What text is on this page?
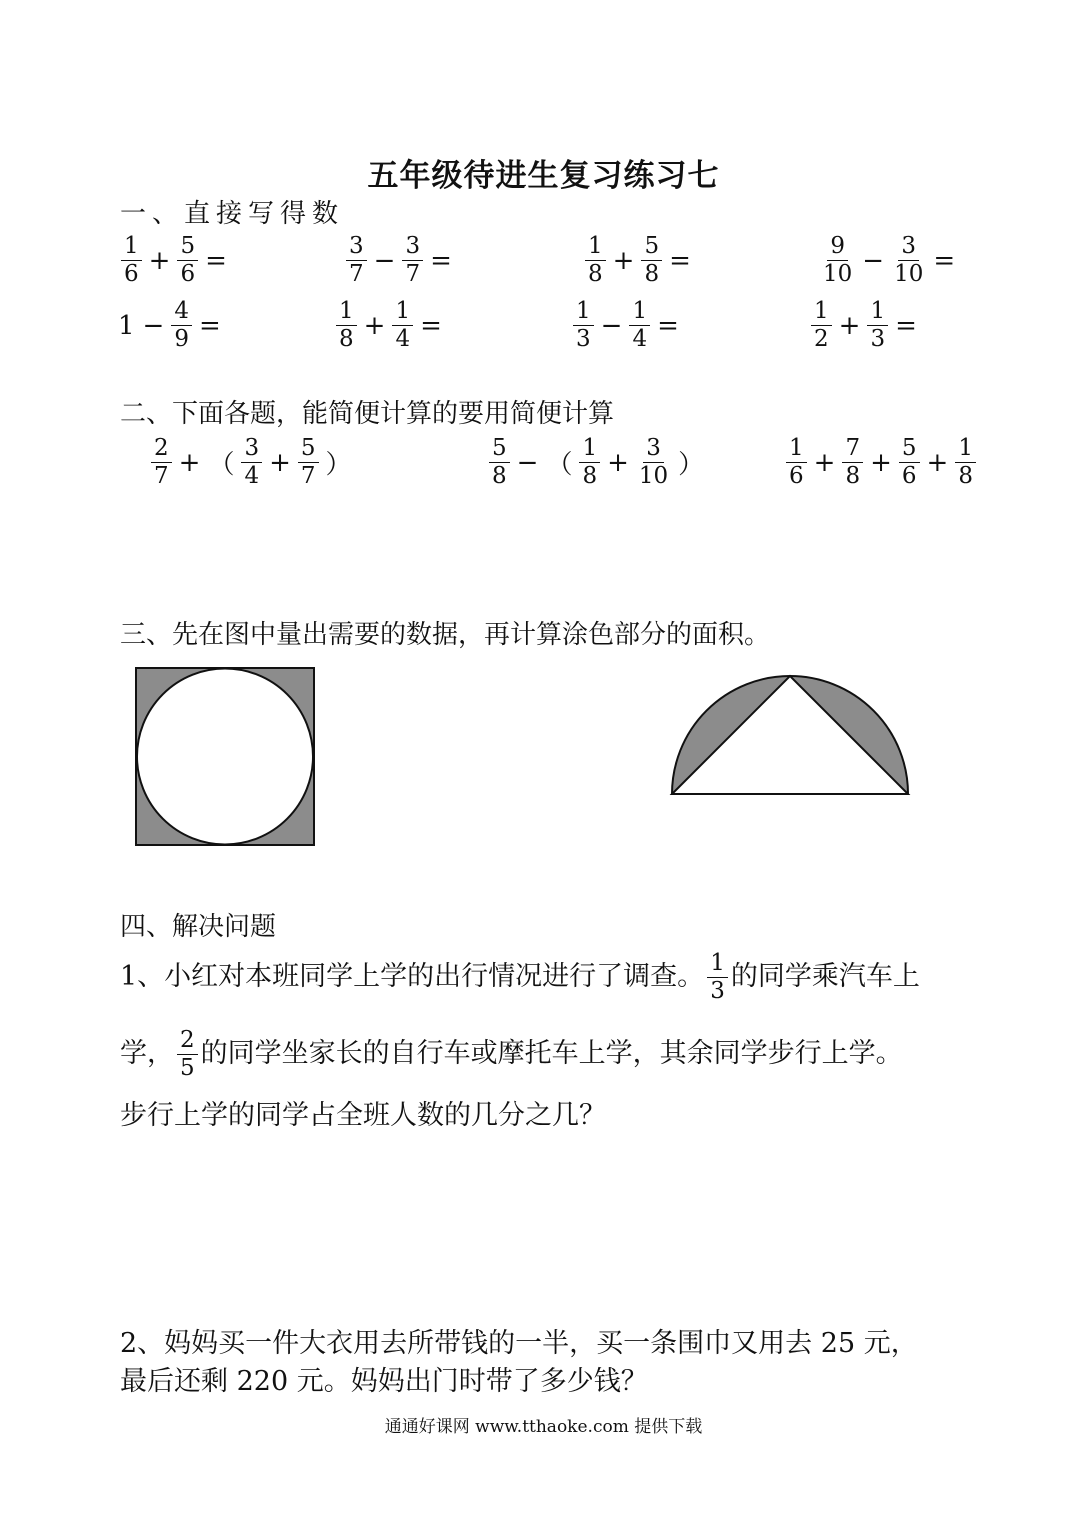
五年级待进生复习练习七
一、直接写得数
$\frac{1}{6} + \frac{5}{6}$ =	$\frac{3}{7} - \frac{3}{7}$ =	$\frac{1}{8} + \frac{5}{8}$ =	$\frac{9}{10} - \frac{3}{10}$ =
$1 - \frac{4}{9}$ =	$\frac{1}{8} + \frac{1}{4}$ =	$\frac{1}{3} - \frac{1}{4}$ =	$\frac{1}{2} + \frac{1}{3}$ =
二、下面各题，能简便计算的要用简便计算
$\frac{2}{7}$ + （ $\frac{3}{4} + \frac{5}{7}$ ）	$\frac{5}{8}$ − （ $\frac{1}{8} + \frac{3}{10}$ ）	$\frac{1}{6} + \frac{7}{8} + \frac{5}{6} + \frac{1}{8}$
三、先在图中量出需要的数据，再计算涂色部分的面积。
四、解决问题
1、小红对本班同学上学的出行情况进行了调查。 $\frac{1}{3}$ 的同学乘汽车上
学， $\frac{2}{5}$ 的同学坐家长的自行车或摩托车上学，其余同学步行上学。
步行上学的同学占全班人数的几分之几？
2、妈妈买一件大衣用去所带钱的一半，买一条围巾又用去 25 元，
最后还剩 220 元。妈妈出门时带了多少钱？
通通好课网 www.tthaoke.com 提供下载
